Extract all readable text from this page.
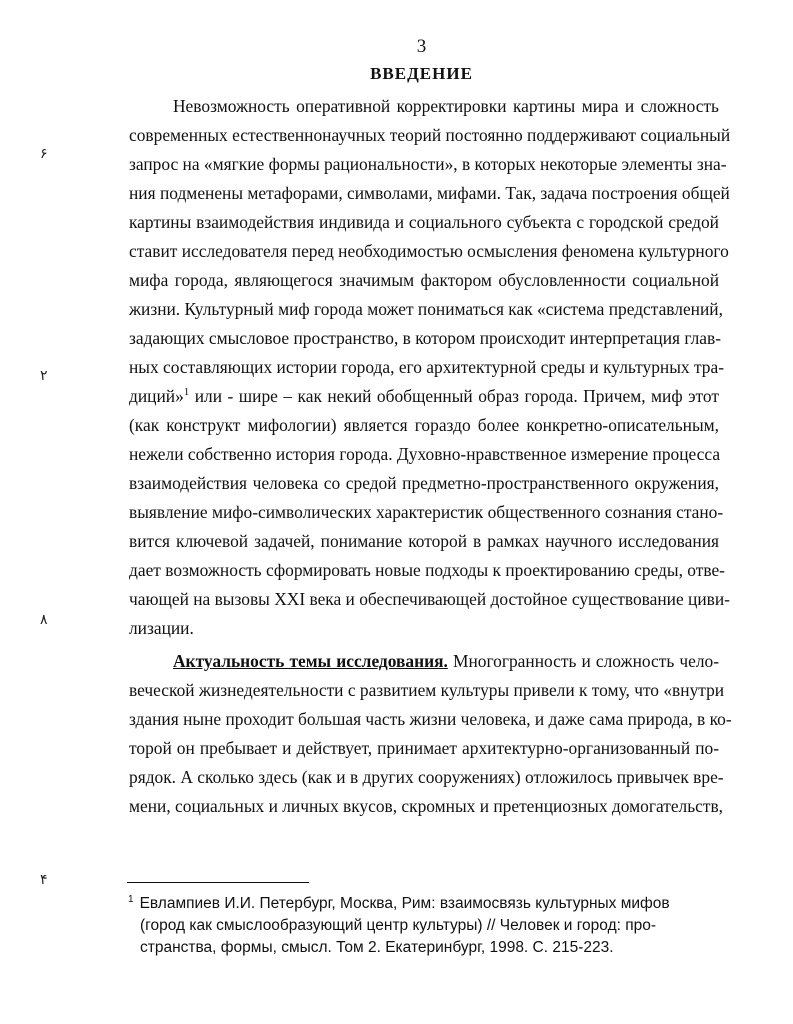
3
ВВЕДЕНИЕ
۶
۲
۸
۴
Невозможность оперативной корректировки картины мира и сложность
современных естественнонаучных теорий постоянно поддерживают социальный
запрос на «мягкие формы рациональности», в которых некоторые элементы зна-
ния подменены метафорами, символами, мифами. Так, задача построения общей
картины взаимодействия индивида и социального субъекта с городской средой
ставит исследователя перед необходимостью осмысления феномена культурного
мифа города, являющегося значимым фактором обусловленности социальной
жизни. Культурный миф города может пониматься как «система представлений,
задающих смысловое пространство, в котором происходит интерпретация глав-
ных составляющих истории города, его архитектурной среды и культурных тра-
диций»$^1$ или - шире – как некий обобщенный образ города. Причем, миф этот
(как конструкт мифологии) является гораздо более конкретно-описательным,
нежели собственно история города. Духовно-нравственное измерение процесса
взаимодействия человека со средой предметно-пространственного окружения,
выявление мифо-символических характеристик общественного сознания стано-
вится ключевой задачей, понимание которой в рамках научного исследования
дает возможность сформировать новые подходы к проектированию среды, отве-
чающей на вызовы XXI века и обеспечивающей достойное существование циви-
лизации.
Актуальность темы исследования. Многогранность и сложность чело-
веческой жизнедеятельности с развитием культуры привели к тому, что «внутри
здания ныне проходит большая часть жизни человека, и даже сама природа, в ко-
торой он пребывает и действует, принимает архитектурно-организованный по-
рядок. А сколько здесь (как и в других сооружениях) отложилось привычек вре-
мени, социальных и личных вкусов, скромных и претенциозных домогательств,
$^1$ Евлампиев И.И. Петербург, Москва, Рим: взаимосвязь культурных мифов
(город как смыслообразующий центр культуры) // Человек и город: про-
странства, формы, смысл. Том 2. Екатеринбург, 1998. С. 215-223.
